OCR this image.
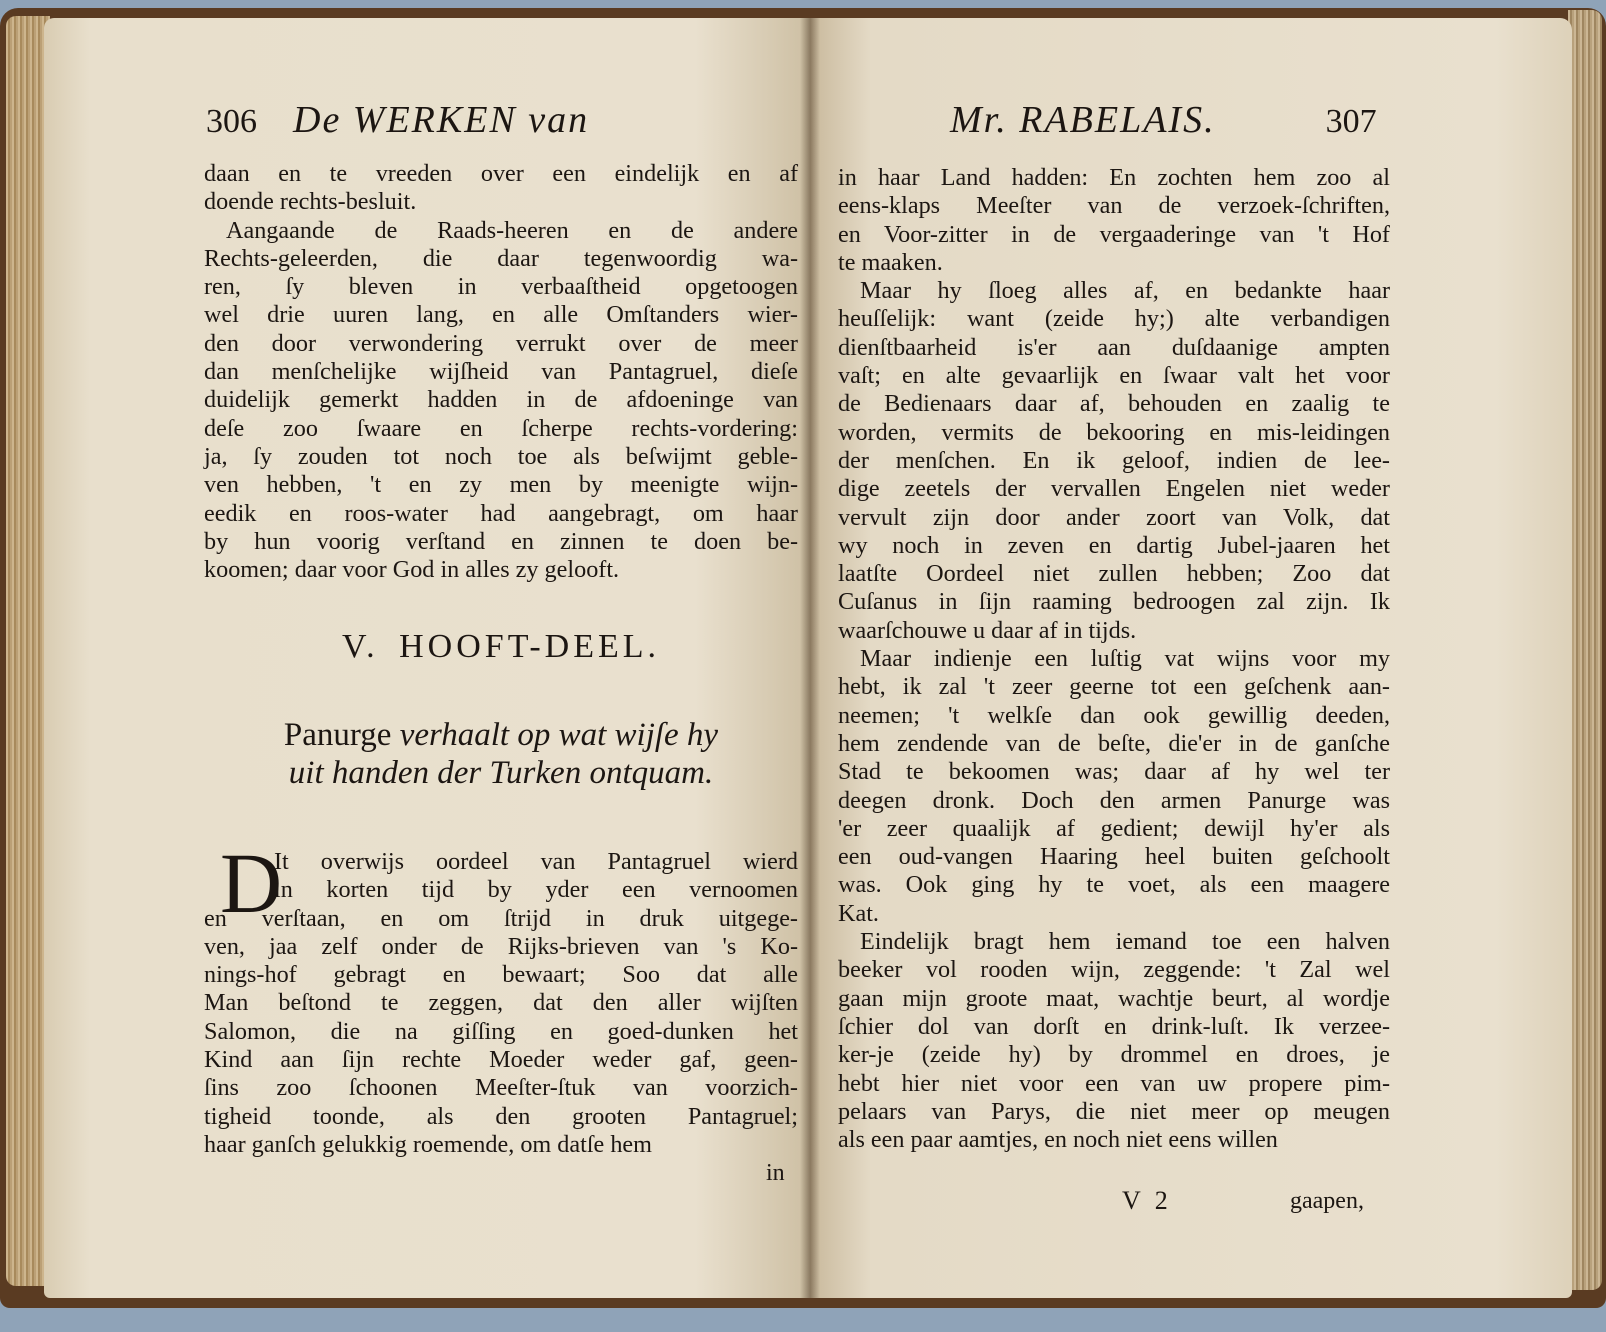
306 De WERKEN van
daan en te vreeden over een eindelijk en af
doende rechts-besluit.
Aangaande de Raads-heeren en de andere
Rechts-geleerden, die daar tegenwoordig wa-
ren, ſy bleven in verbaaſtheid opgetoogen
wel drie uuren lang, en alle Omſtanders wier-
den door verwondering verrukt over de meer
dan menſchelijke wijſheid van Pantagruel, dieſe
duidelijk gemerkt hadden in de afdoeninge van
deſe zoo ſwaare en ſcherpe rechts-vordering:
ja, ſy zouden tot noch toe als beſwijmt geble-
ven hebben, 't en zy men by meenigte wijn-
eedik en roos-water had aangebragt, om haar
by hun voorig verſtand en zinnen te doen be-
koomen; daar voor God in alles zy gelooft.
V. HOOFT-DEEL.
Panurge verhaalt op wat wijſe hy
uit handen der Turken ontquam.
D
It overwijs oordeel van Pantagruel wierd
in korten tijd by yder een vernoomen
en verſtaan, en om ſtrijd in druk uitgege-
ven, jaa zelf onder de Rijks-brieven van 's Ko-
nings-hof gebragt en bewaart; Soo dat alle
Man beſtond te zeggen, dat den aller wijſten
Salomon, die na giſſing en goed-dunken het
Kind aan ſijn rechte Moeder weder gaf, geen-
ſins zoo ſchoonen Meeſter-ſtuk van voorzich-
tigheid toonde, als den grooten Pantagruel;
haar ganſch gelukkig roemende, om datſe hem
in
Mr. RABELAIS.	307
in haar Land hadden: En zochten hem zoo al
eens-klaps Meeſter van de verzoek-ſchriften,
en Voor-zitter in de vergaaderinge van 't Hof
te maaken.
Maar hy ſloeg alles af, en bedankte haar
heuſſelijk: want (zeide hy;) alte verbandigen
dienſtbaarheid is'er aan duſdaanige ampten
vaſt; en alte gevaarlijk en ſwaar valt het voor
de Bedienaars daar af, behouden en zaalig te
worden, vermits de bekooring en mis-leidingen
der menſchen. En ik geloof, indien de lee-
dige zeetels der vervallen Engelen niet weder
vervult zijn door ander zoort van Volk, dat
wy noch in zeven en dartig Jubel-jaaren het
laatſte Oordeel niet zullen hebben; Zoo dat
Cuſanus in ſijn raaming bedroogen zal zijn. Ik
waarſchouwe u daar af in tijds.
Maar indienje een luſtig vat wijns voor my
hebt, ik zal 't zeer geerne tot een geſchenk aan-
neemen; 't welkſe dan ook gewillig deeden,
hem zendende van de beſte, die'er in de ganſche
Stad te bekoomen was; daar af hy wel ter
deegen dronk. Doch den armen Panurge was
'er zeer quaalijk af gedient; dewijl hy'er als
een oud-vangen Haaring heel buiten geſchoolt
was. Ook ging hy te voet, als een maagere
Kat.
Eindelijk bragt hem iemand toe een halven
beeker vol rooden wijn, zeggende: 't Zal wel
gaan mijn groote maat, wachtje beurt, al wordje
ſchier dol van dorſt en drink-luſt. Ik verzee-
ker-je (zeide hy) by drommel en droes, je
hebt hier niet voor een van uw propere pim-
pelaars van Parys, die niet meer op meugen
als een paar aamtjes, en noch niet eens willen
V 2	gaapen,
